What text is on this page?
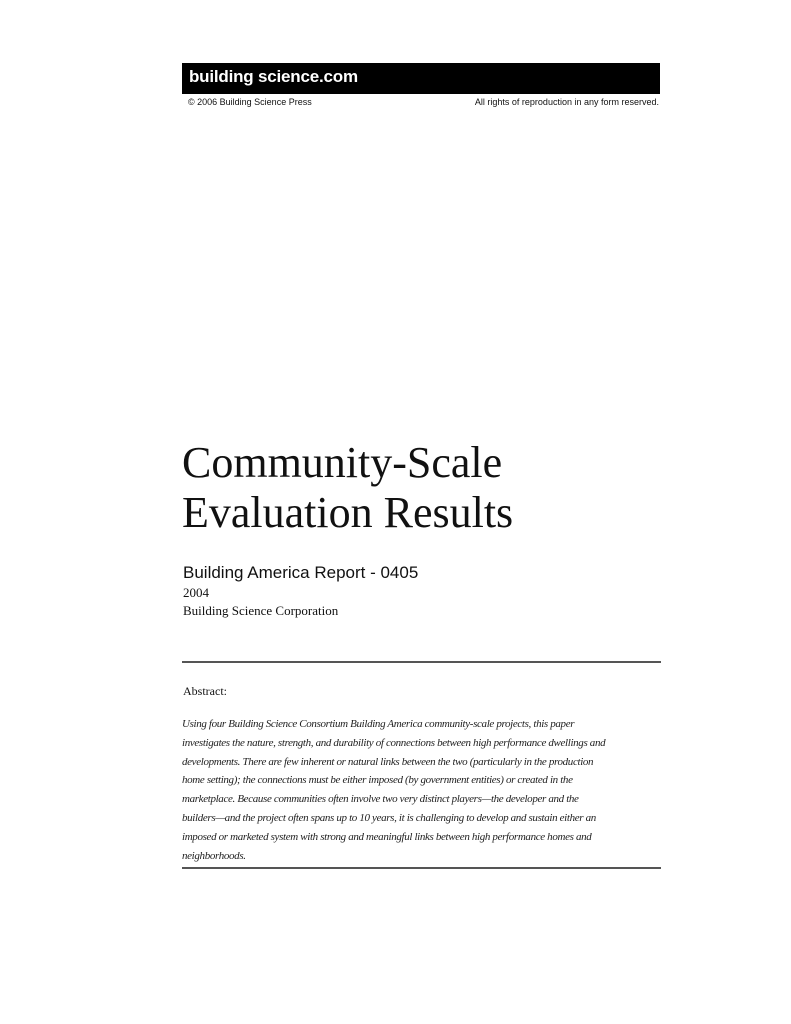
building science.com
© 2006 Building Science Press	All rights of reproduction in any form reserved.
Community-Scale
Evaluation Results
Building America Report - 0405
2004
Building Science Corporation
Abstract:

Using four Building Science Consortium Building America community-scale projects, this paper
investigates the nature, strength, and durability of connections between high performance dwellings and
developments. There are few inherent or natural links between the two (particularly in the production
home setting); the connections must be either imposed (by government entities) or created in the
marketplace. Because communities often involve two very distinct players—the developer and the
builders—and the project often spans up to 10 years, it is challenging to develop and sustain either an
imposed or marketed system with strong and meaningful links between high performance homes and
neighborhoods.
